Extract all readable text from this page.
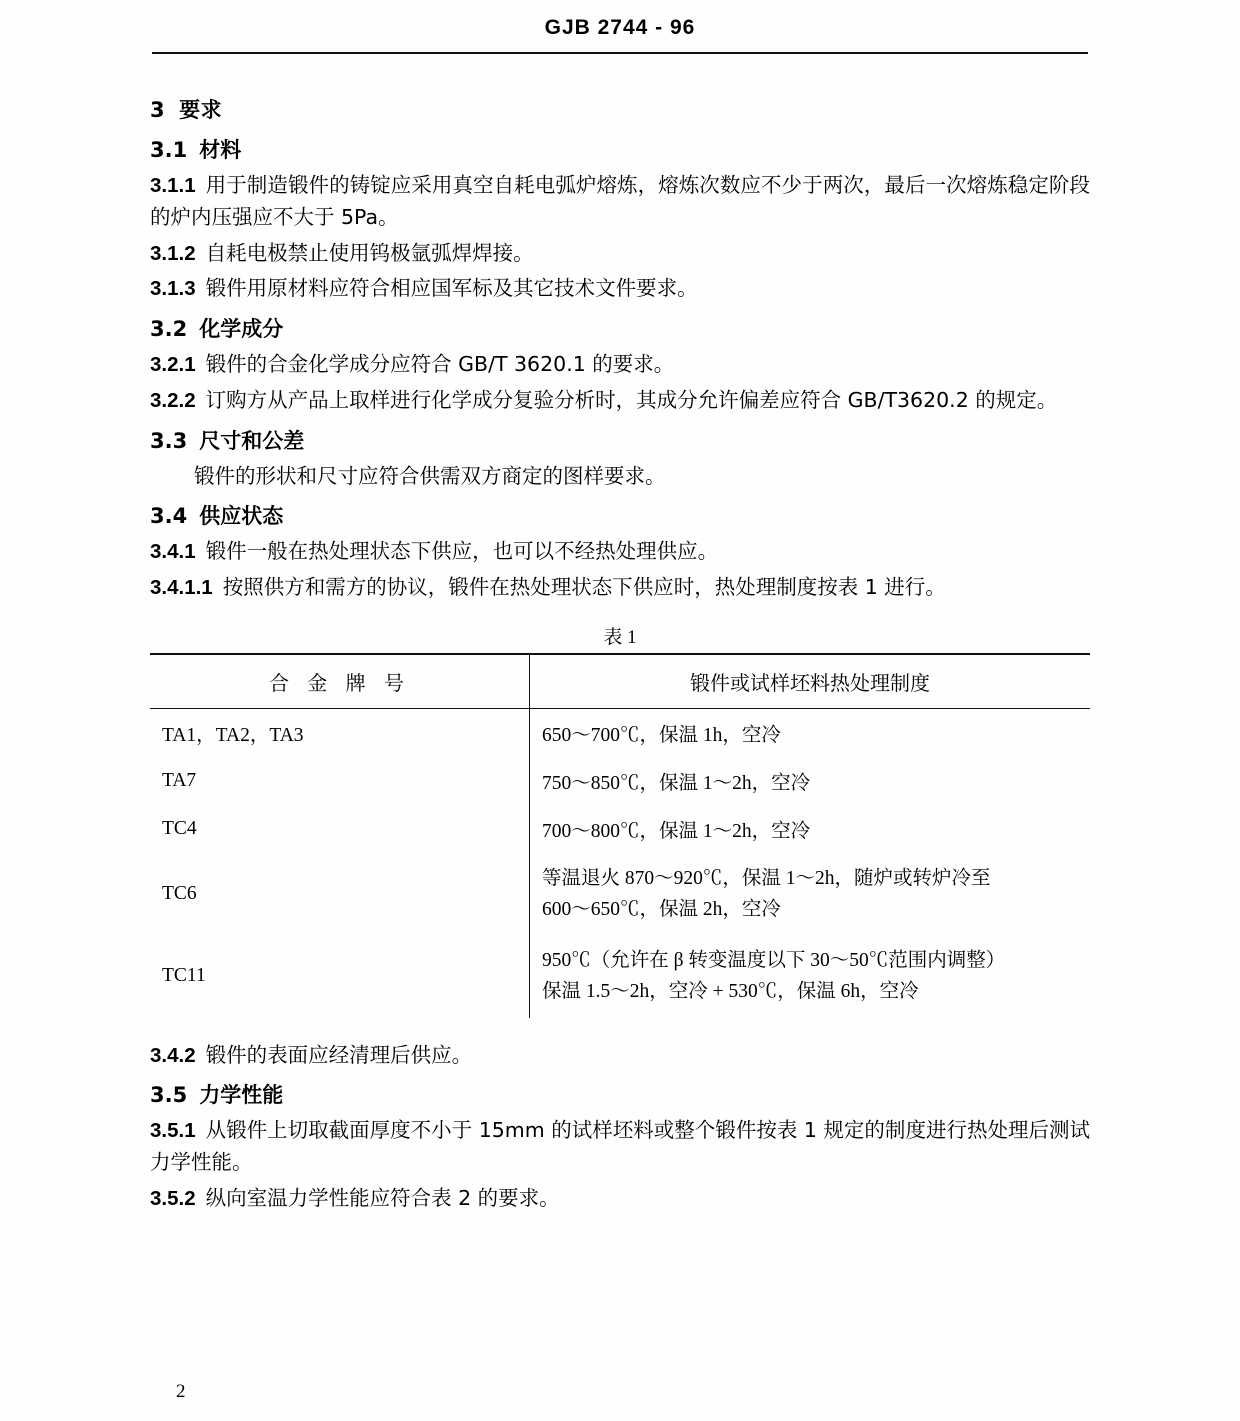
GJB 2744 - 96
3 要求
3.1 材料
3.1.1 用于制造锻件的铸锭应采用真空自耗电弧炉熔炼，熔炼次数应不少于两次，最后一次熔炼稳定阶段的炉内压强应不大于 5Pa。
3.1.2 自耗电极禁止使用钨极氩弧焊焊接。
3.1.3 锻件用原材料应符合相应国军标及其它技术文件要求。
3.2 化学成分
3.2.1 锻件的合金化学成分应符合 GB/T 3620.1 的要求。
3.2.2 订购方从产品上取样进行化学成分复验分析时，其成分允许偏差应符合 GB/T3620.2 的规定。
3.3 尺寸和公差
锻件的形状和尺寸应符合供需双方商定的图样要求。
3.4 供应状态
3.4.1 锻件一般在热处理状态下供应，也可以不经热处理供应。
3.4.1.1 按照供方和需方的协议，锻件在热处理状态下供应时，热处理制度按表 1 进行。
表 1
合 金 牌 号	锻件或试样坯料热处理制度
TA1，TA2，TA3	650～700℃，保温 1h，空冷
TA7	750～850℃，保温 1～2h，空冷
TC4	700～800℃，保温 1～2h，空冷
TC6	等温退火 870～920℃，保温 1～2h，随炉或转炉冷至
600～650℃，保温 2h，空冷

TC11	950℃（允许在 β 转变温度以下 30～50℃范围内调整）
保温 1.5～2h，空冷 + 530℃，保温 6h，空冷
3.4.2 锻件的表面应经清理后供应。
3.5 力学性能
3.5.1 从锻件上切取截面厚度不小于 15mm 的试样坯料或整个锻件按表 1 规定的制度进行热处理后测试力学性能。
3.5.2 纵向室温力学性能应符合表 2 的要求。
2
